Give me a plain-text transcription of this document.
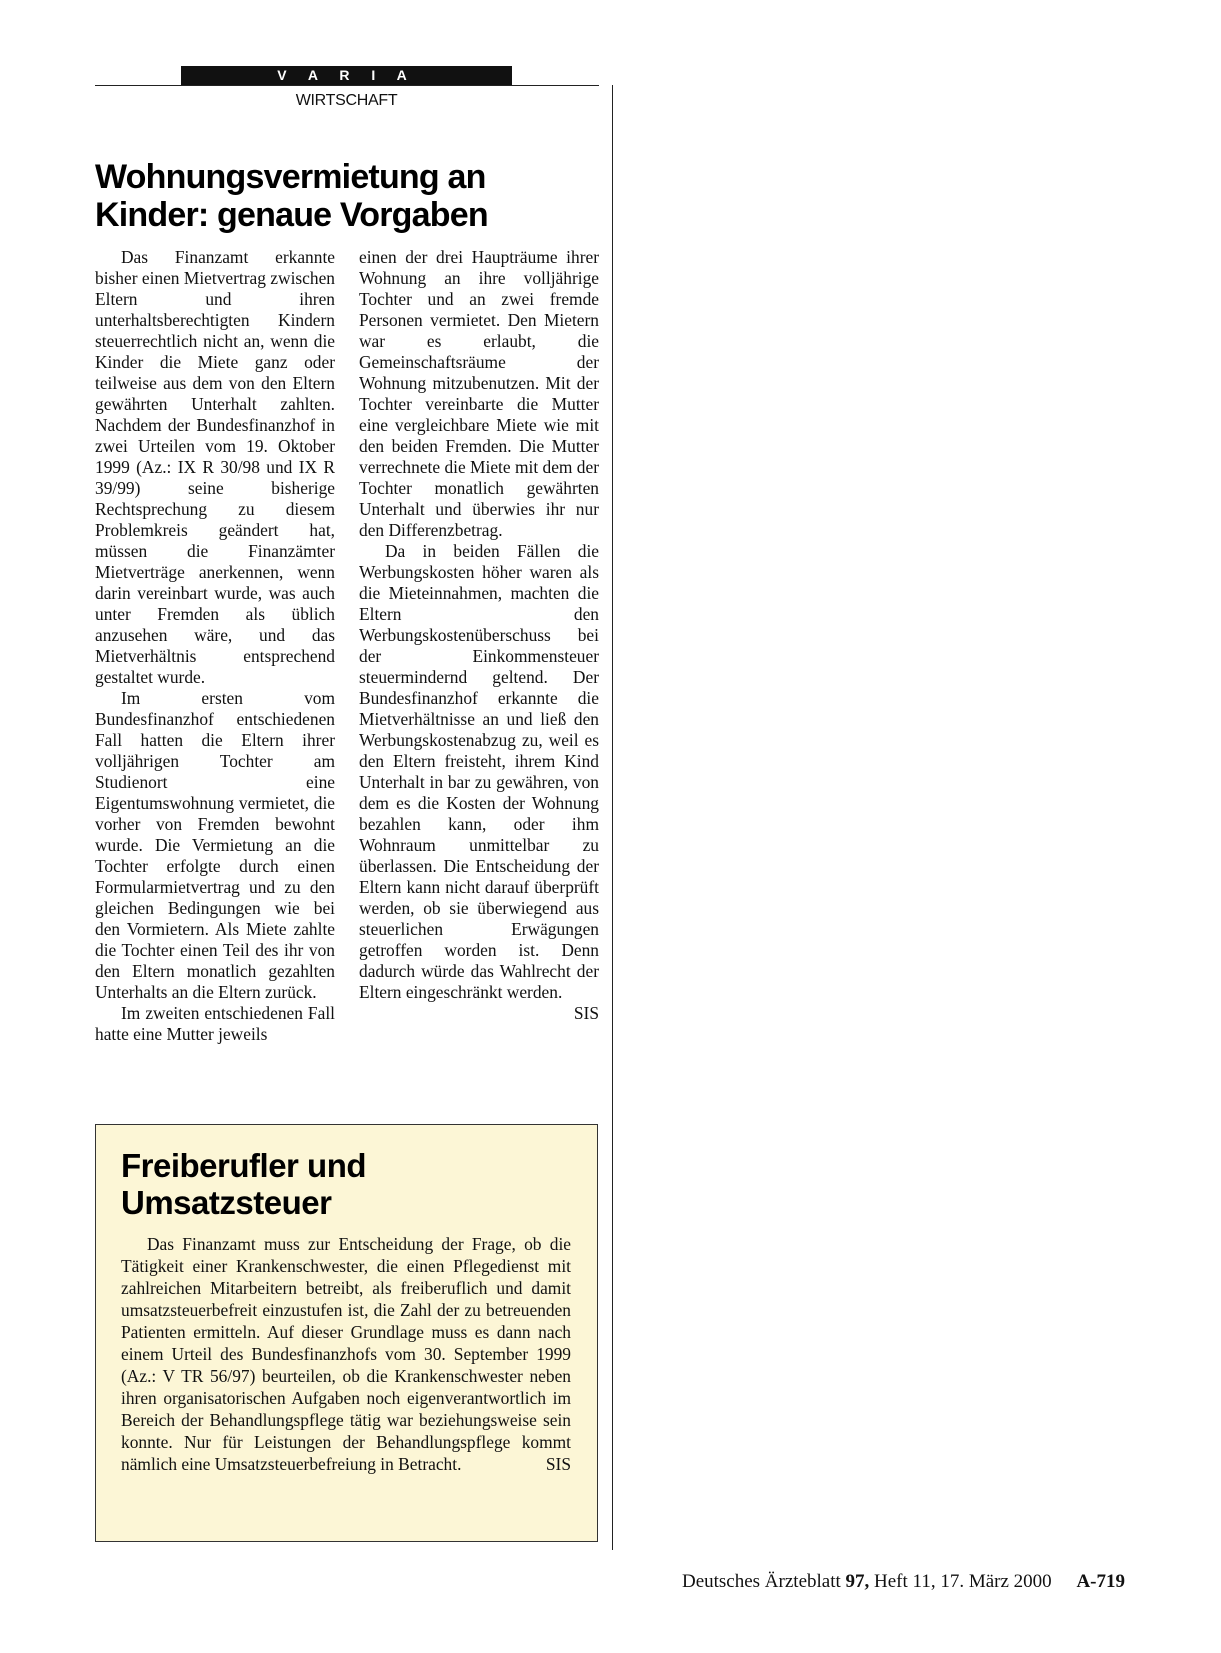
V A R I A
WIRTSCHAFT
Wohnungsvermietung an
Kinder: genaue Vorgaben

Das Finanzamt erkannte bisher einen Mietvertrag zwischen Eltern und ihren unterhaltsberechtigten Kindern steuerrechtlich nicht an, wenn die Kinder die Miete ganz oder teilweise aus dem von den Eltern gewährten Unterhalt zahlten. Nachdem der Bundesfinanzhof in zwei Urteilen vom 19. Oktober 1999 (Az.: IX R 30/98 und IX R 39/99) seine bisherige Rechtsprechung zu diesem Problemkreis geändert hat, müssen die Finanzämter Mietverträge anerkennen, wenn darin vereinbart wurde, was auch unter Fremden als üblich anzusehen wäre, und das Mietverhältnis entsprechend gestaltet wurde.

Im ersten vom Bundesfinanzhof entschiedenen Fall hatten die Eltern ihrer volljährigen Tochter am Studienort eine Eigentumswohnung vermietet, die vorher von Fremden bewohnt wurde. Die Vermietung an die Tochter erfolgte durch einen Formularmietvertrag und zu den gleichen Bedingungen wie bei den Vormietern. Als Miete zahlte die Tochter einen Teil des ihr von den Eltern monatlich gezahlten Unterhalts an die Eltern zurück.

Im zweiten entschiedenen Fall hatte eine Mutter jeweils

einen der drei Haupträume ihrer Wohnung an ihre volljährige Tochter und an zwei fremde Personen vermietet. Den Mietern war es erlaubt, die Gemeinschaftsräume der Wohnung mitzubenutzen. Mit der Tochter vereinbarte die Mutter eine vergleichbare Miete wie mit den beiden Fremden. Die Mutter verrechnete die Miete mit dem der Tochter monatlich gewährten Unterhalt und überwies ihr nur den Differenzbetrag.

Da in beiden Fällen die Werbungskosten höher waren als die Mieteinnahmen, machten die Eltern den Werbungskostenüberschuss bei der Einkommensteuer steuermindernd geltend. Der Bundesfinanzhof erkannte die Mietverhältnisse an und ließ den Werbungskostenabzug zu, weil es den Eltern freisteht, ihrem Kind Unterhalt in bar zu gewähren, von dem es die Kosten der Wohnung bezahlen kann, oder ihm Wohnraum unmittelbar zu überlassen. Die Entscheidung der Eltern kann nicht darauf überprüft werden, ob sie überwiegend aus steuerlichen Erwägungen getroffen worden ist. Denn dadurch würde das Wahlrecht der Eltern eingeschränkt werden.
SIS

Freiberufler und
Umsatzsteuer

Das Finanzamt muss zur Entscheidung der Frage, ob die Tätigkeit einer Krankenschwester, die einen Pflegedienst mit zahlreichen Mitarbeitern betreibt, als freiberuflich und damit umsatzsteuerbefreit einzustufen ist, die Zahl der zu betreuenden Patienten ermitteln. Auf dieser Grundlage muss es dann nach einem Urteil des Bundesfinanzhofs vom 30. September 1999 (Az.: V TR 56/97) beurteilen, ob die Krankenschwester neben ihren organisatorischen Aufgaben noch eigenverantwortlich im Bereich der Behandlungspflege tätig war beziehungsweise sein konnte. Nur für Leistungen der Behandlungspflege kommt nämlich eine Umsatzsteuerbefreiung in Betracht.	SIS

Deutsches Ärzteblatt 97, Heft 11, 17. März 2000 A-719
